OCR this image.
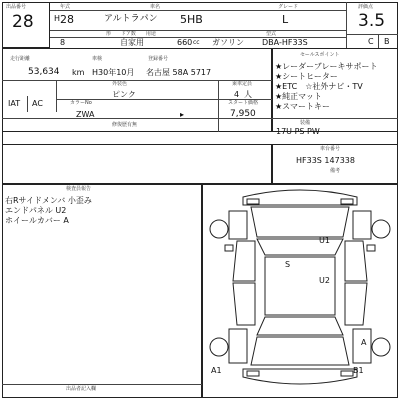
出品番号
28
年式	車名	グレード
H 28	アルトラパン 5HB	L
形　　ドア数　　用途	型式
8	自家用	660 cc ガソリン DBA-HF33S
評価点
3.5
C B
走行距離	車検	登録番号
53,634 km H30年10月 名古屋 58A 5717
外装色	乗車定員
ピンク	4 人
IAT AC	カラーNo	スタート価格
ZWA	▸	7,950
修復歴有無
セールスポイント
★レーダーブレーキサポート
★シートヒーター
★ETC　☆社外ナビ・TV
★純正マット
★スマートキー
装備
17U PS PW
車台番号
HF33S 147338
備考
検査員報告
右Rサイドメンバ 小歪み
エンドパネル U2
ホイールカバー A
出品者記入欄
U1
S
U2
A
A1	B1
